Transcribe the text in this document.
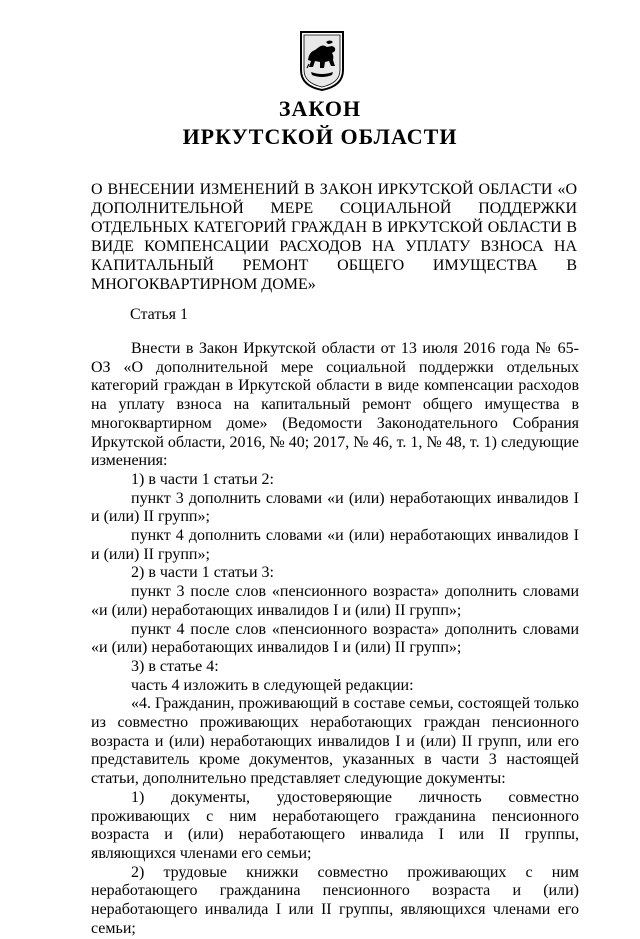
ЗАКОН
ИРКУТСКОЙ ОБЛАСТИ
О ВНЕСЕНИИ ИЗМЕНЕНИЙ В ЗАКОН ИРКУТСКОЙ ОБЛАСТИ «О ДОПОЛНИТЕЛЬНОЙ МЕРЕ СОЦИАЛЬНОЙ ПОДДЕРЖКИ ОТДЕЛЬНЫХ КАТЕГОРИЙ ГРАЖДАН В ИРКУТСКОЙ ОБЛАСТИ В ВИДЕ КОМПЕНСАЦИИ РАСХОДОВ НА УПЛАТУ ВЗНОСА НА КАПИТАЛЬНЫЙ РЕМОНТ ОБЩЕГО ИМУЩЕСТВА В МНОГОКВАРТИРНОМ ДОМЕ»
Статья 1

Внести в Закон Иркутской области от 13 июля 2016 года № 65-ОЗ «О дополнительной мере социальной поддержки отдельных категорий граждан в Иркутской области в виде компенсации расходов на уплату взноса на капитальный ремонт общего имущества в многоквартирном доме» (Ведомости Законодательного Собрания Иркутской области, 2016, № 40; 2017, № 46, т. 1, № 48, т. 1) следующие изменения:

1) в части 1 статьи 2:

пункт 3 дополнить словами «и (или) неработающих инвалидов I и (или) II групп»;

пункт 4 дополнить словами «и (или) неработающих инвалидов I и (или) II групп»;

2) в части 1 статьи 3:

пункт 3 после слов «пенсионного возраста» дополнить словами «и (или) неработающих инвалидов I и (или) II групп»;

пункт 4 после слов «пенсионного возраста» дополнить словами «и (или) неработающих инвалидов I и (или) II групп»;

3) в статье 4:

часть 4 изложить в следующей редакции:

«4. Гражданин, проживающий в составе семьи, состоящей только из совместно проживающих неработающих граждан пенсионного возраста и (или) неработающих инвалидов I и (или) II групп, или его представитель кроме документов, указанных в части 3 настоящей статьи, дополнительно представляет следующие документы:

1) документы, удостоверяющие личность совместно проживающих с ним неработающего гражданина пенсионного возраста и (или) неработающего инвалида I или II группы, являющихся членами его семьи;

2) трудовые книжки совместно проживающих с ним неработающего гражданина пенсионного возраста и (или) неработающего инвалида I или II группы, являющихся членами его семьи;
